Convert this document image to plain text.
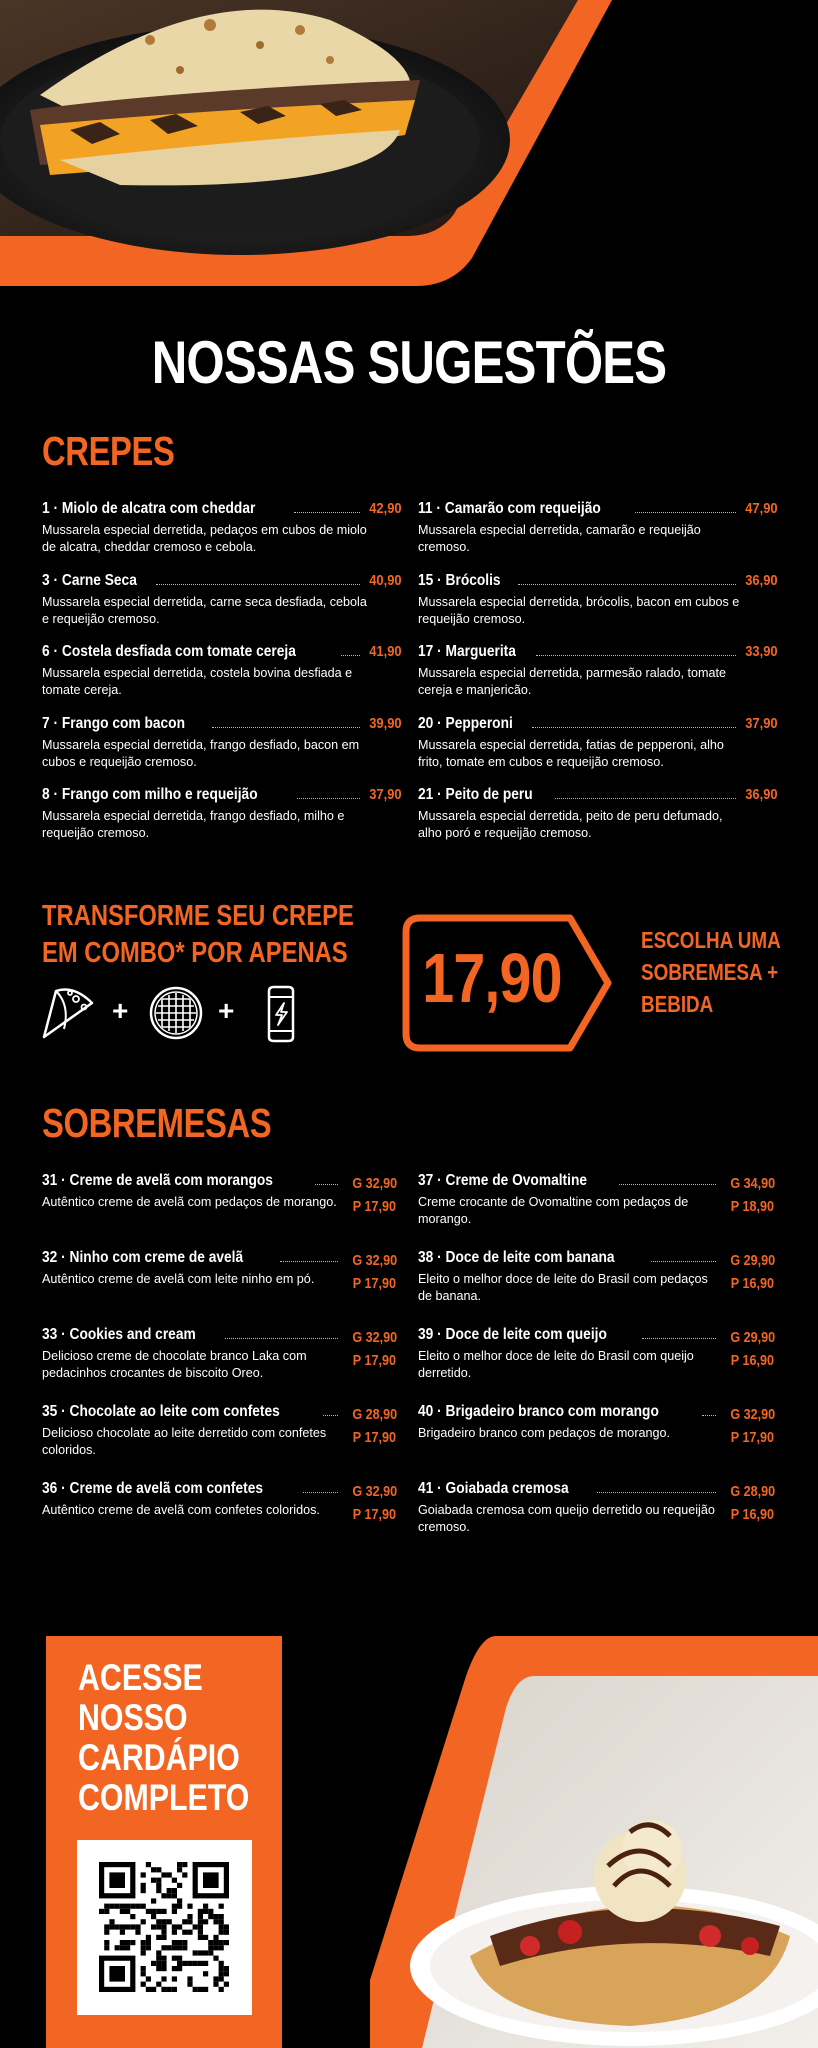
NOSSAS SUGESTÕES
CREPES
1 · Miolo de alcatra com cheddar	42,90
Mussarela especial derretida, pedaços em cubos de miolo de alcatra, cheddar cremoso e cebola.
3 · Carne Seca	40,90
Mussarela especial derretida, carne seca desfiada, cebola e requeijão cremoso.
6 · Costela desfiada com tomate cereja	41,90
Mussarela especial derretida, costela bovina desfiada e tomate cereja.
7 · Frango com bacon	39,90
Mussarela especial derretida, frango desfiado, bacon em cubos e requeijão cremoso.
8 · Frango com milho e requeijão	37,90
Mussarela especial derretida, frango desfiado, milho e requeijão cremoso.
11 · Camarão com requeijão	47,90
Mussarela especial derretida, camarão e requeijão cremoso.
15 · Brócolis	36,90
Mussarela especial derretida, brócolis, bacon em cubos e requeijão cremoso.
17 · Marguerita	33,90
Mussarela especial derretida, parmesão ralado, tomate cereja e manjericão.
20 · Pepperoni	37,90
Mussarela especial derretida, fatias de pepperoni, alho frito, tomate em cubos e requeijão cremoso.
21 · Peito de peru	36,90
Mussarela especial derretida, peito de peru defumado, alho poró e requeijão cremoso.
TRANSFORME SEU CREPE
EM COMBO* POR APENAS
+	+	17,90	ESCOLHA UMA
SOBREMESA +
BEBIDA
SOBREMESAS
31 · Creme de avelã com morangos	G 32,90
P 17,90
Autêntico creme de avelã com pedaços de morango.
32 · Ninho com creme de avelã	G 32,90
P 17,90
Autêntico creme de avelã com leite ninho em pó.
33 · Cookies and cream	G 32,90
P 17,90
Delicioso creme de chocolate branco Laka com pedacinhos crocantes de biscoito Oreo.
35 · Chocolate ao leite com confetes	G 28,90
P 17,90
Delicioso chocolate ao leite derretido com confetes coloridos.
36 · Creme de avelã com confetes	G 32,90
P 17,90
Autêntico creme de avelã com confetes coloridos.
37 · Creme de Ovomaltine	G 34,90
P 18,90
Creme crocante de Ovomaltine com pedaços de morango.
38 · Doce de leite com banana	G 29,90
P 16,90
Eleito o melhor doce de leite do Brasil com pedaços de banana.
39 · Doce de leite com queijo	G 29,90
P 16,90
Eleito o melhor doce de leite do Brasil com queijo derretido.
40 · Brigadeiro branco com morango	G 32,90
P 17,90
Brigadeiro branco com pedaços de morango.
41 · Goiabada cremosa	G 28,90
P 16,90
Goiabada cremosa com queijo derretido ou requeijão cremoso.
ACESSE
NOSSO
CARDÁPIO
COMPLETO
